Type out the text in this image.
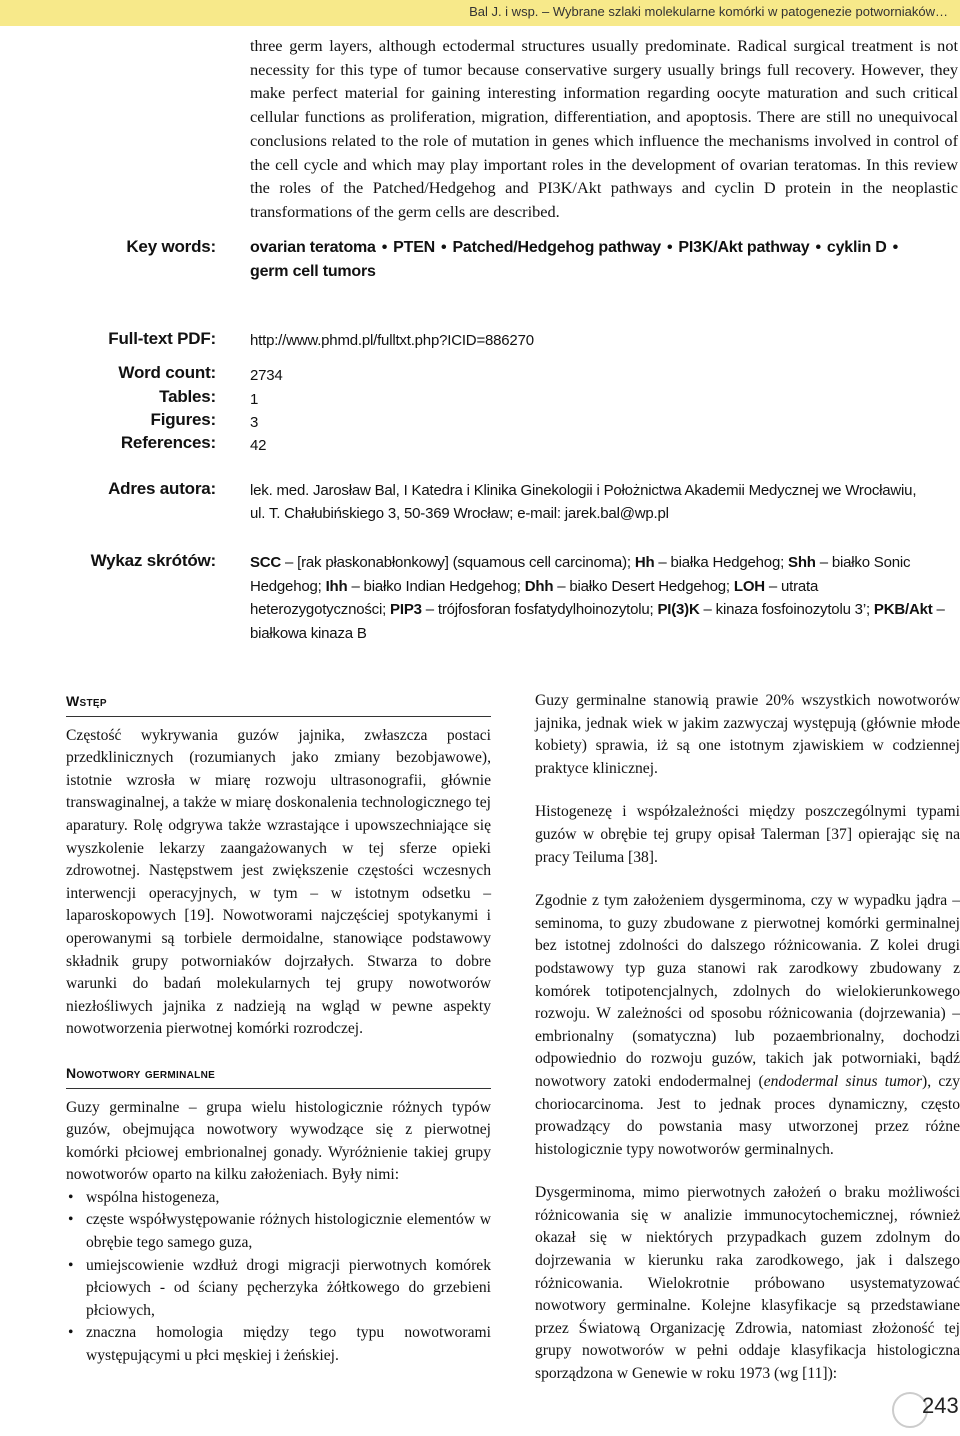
Bal J. i wsp. – Wybrane szlaki molekularne komórki w patogenezie potworniaków…

three germ layers, although ectodermal structures usually predominate. Radical surgical treatment is not necessity for this type of tumor because conservative surgery usually brings full recovery. However, they make perfect material for gaining interesting information regarding oocyte maturation and such critical cellular functions as proliferation, migration, differentiation, and apoptosis. There are still no unequivocal conclusions related to the role of mutation in genes which influence the mechanisms involved in control of the cell cycle and which may play important roles in the development of ovarian teratomas. In this review the roles of the Patched/Hedgehog and PI3K/Akt pathways and cyclin D protein in the neoplastic transformations of the germ cells are described.

Key words: ovarian teratoma • PTEN • Patched/Hedgehog pathway • PI3K/Akt pathway • cyklin D •
germ cell tumors
Full-text PDF: http://www.phmd.pl/fulltxt.php?ICID=886270
Word count: 2734
Tables: 1
Figures: 3
References: 42
Adres autora: lek. med. Jarosław Bal, I Katedra i Klinika Ginekologii i Położnictwa Akademii Medycznej we Wrocławiu,
ul. T. Chałubińskiego 3, 50-369 Wrocław; e-mail: jarek.bal@wp.pl
Wykaz skrótów: SCC – [rak płaskonabłonkowy] (squamous cell carcinoma); Hh – białka Hedgehog; Shh – białko Sonic Hedgehog; Ihh – białko Indian Hedgehog; Dhh – białko Desert Hedgehog; LOH – utrata heterozygotyczności; PIP3 – trójfosforan fosfatydylhoinozytolu; PI(3)K – kinaza fosfoinozytolu 3’; PKB/Akt – białkowa kinaza B
Wstęp

Częstość wykrywania guzów jajnika, zwłaszcza postaci przedklinicznych (rozumianych jako zmiany bezobjawowe), istotnie wzrosła w miarę rozwoju ultrasonografii, głównie transwaginalnej, a także w miarę doskonalenia technologicznego tej aparatury. Rolę odgrywa także wzrastające i upowszechniające się wyszkolenie lekarzy zaangażowanych w tej sferze opieki zdrowotnej. Następstwem jest zwiększenie częstości wczesnych interwencji operacyjnych, w tym – w istotnym odsetku – laparoskopowych [19]. Nowotworami najczęściej spotykanymi i operowanymi są torbiele dermoidalne, stanowiące podstawowy składnik grupy potworniaków dojrzałych. Stwarza to dobre warunki do badań molekularnych tej grupy nowotworów niezłośliwych jajnika z nadzieją na wgląd w pewne aspekty nowotworzenia pierwotnej komórki rozrodczej.

Nowotwory germinalne

Guzy germinalne – grupa wielu histologicznie różnych typów guzów, obejmująca nowotwory wywodzące się z pierwotnej komórki płciowej embrionalnej gonady. Wyróżnienie takiej grupy nowotworów oparto na kilku założeniach. Były nimi:

• wspólna histogeneza,
• częste współwystępowanie różnych histologicznie elementów w obrębie tego samego guza,
• umiejscowienie wzdłuż drogi migracji pierwotnych komórek płciowych - od ściany pęcherzyka żółtkowego do grzebieni płciowych,
• znaczna homologia między tego typu nowotworami występującymi u płci męskiej i żeńskiej.

Guzy germinalne stanowią prawie 20% wszystkich nowotworów jajnika, jednak wiek w jakim zazwyczaj występują (głównie młode kobiety) sprawia, iż są one istotnym zjawiskiem w codziennej praktyce klinicznej.

Histogenezę i współzależności między poszczególnymi typami guzów w obrębie tej grupy opisał Talerman [37] opierając się na pracy Teiluma [38].

Zgodnie z tym założeniem dysgerminoma, czy w wypadku jądra – seminoma, to guzy zbudowane z pierwotnej komórki germinalnej bez istotnej zdolności do dalszego różnicowania. Z kolei drugi podstawowy typ guza stanowi rak zarodkowy zbudowany z komórek totipotencjalnych, zdolnych do wielokierunkowego rozwoju. W zależności od sposobu różnicowania (dojrzewania) – embrionalny (somatyczna) lub pozaembrionalny, dochodzi odpowiednio do rozwoju guzów, takich jak potworniaki, bądź nowotwory zatoki endodermalnej (endodermal sinus tumor), czy choriocarcinoma. Jest to jednak proces dynamiczny, często prowadzący do powstania masy utworzonej przez różne histologicznie typy nowotworów germinalnych.

Dysgerminoma, mimo pierwotnych założeń o braku możliwości różnicowania się w analizie immunocytochemicznej, również okazał się w niektórych przypadkach guzem zdolnym do dojrzewania w kierunku raka zarodkowego, jak i dalszego różnicowania. Wielokrotnie próbowano usystematyzować nowotwory germinalne. Kolejne klasyfikacje są przedstawiane przez Światową Organizację Zdrowia, natomiast złożoność tej grupy nowotworów w pełni oddaje klasyfikacja histologiczna sporządzona w Genewie w roku 1973 (wg [11]):

243
